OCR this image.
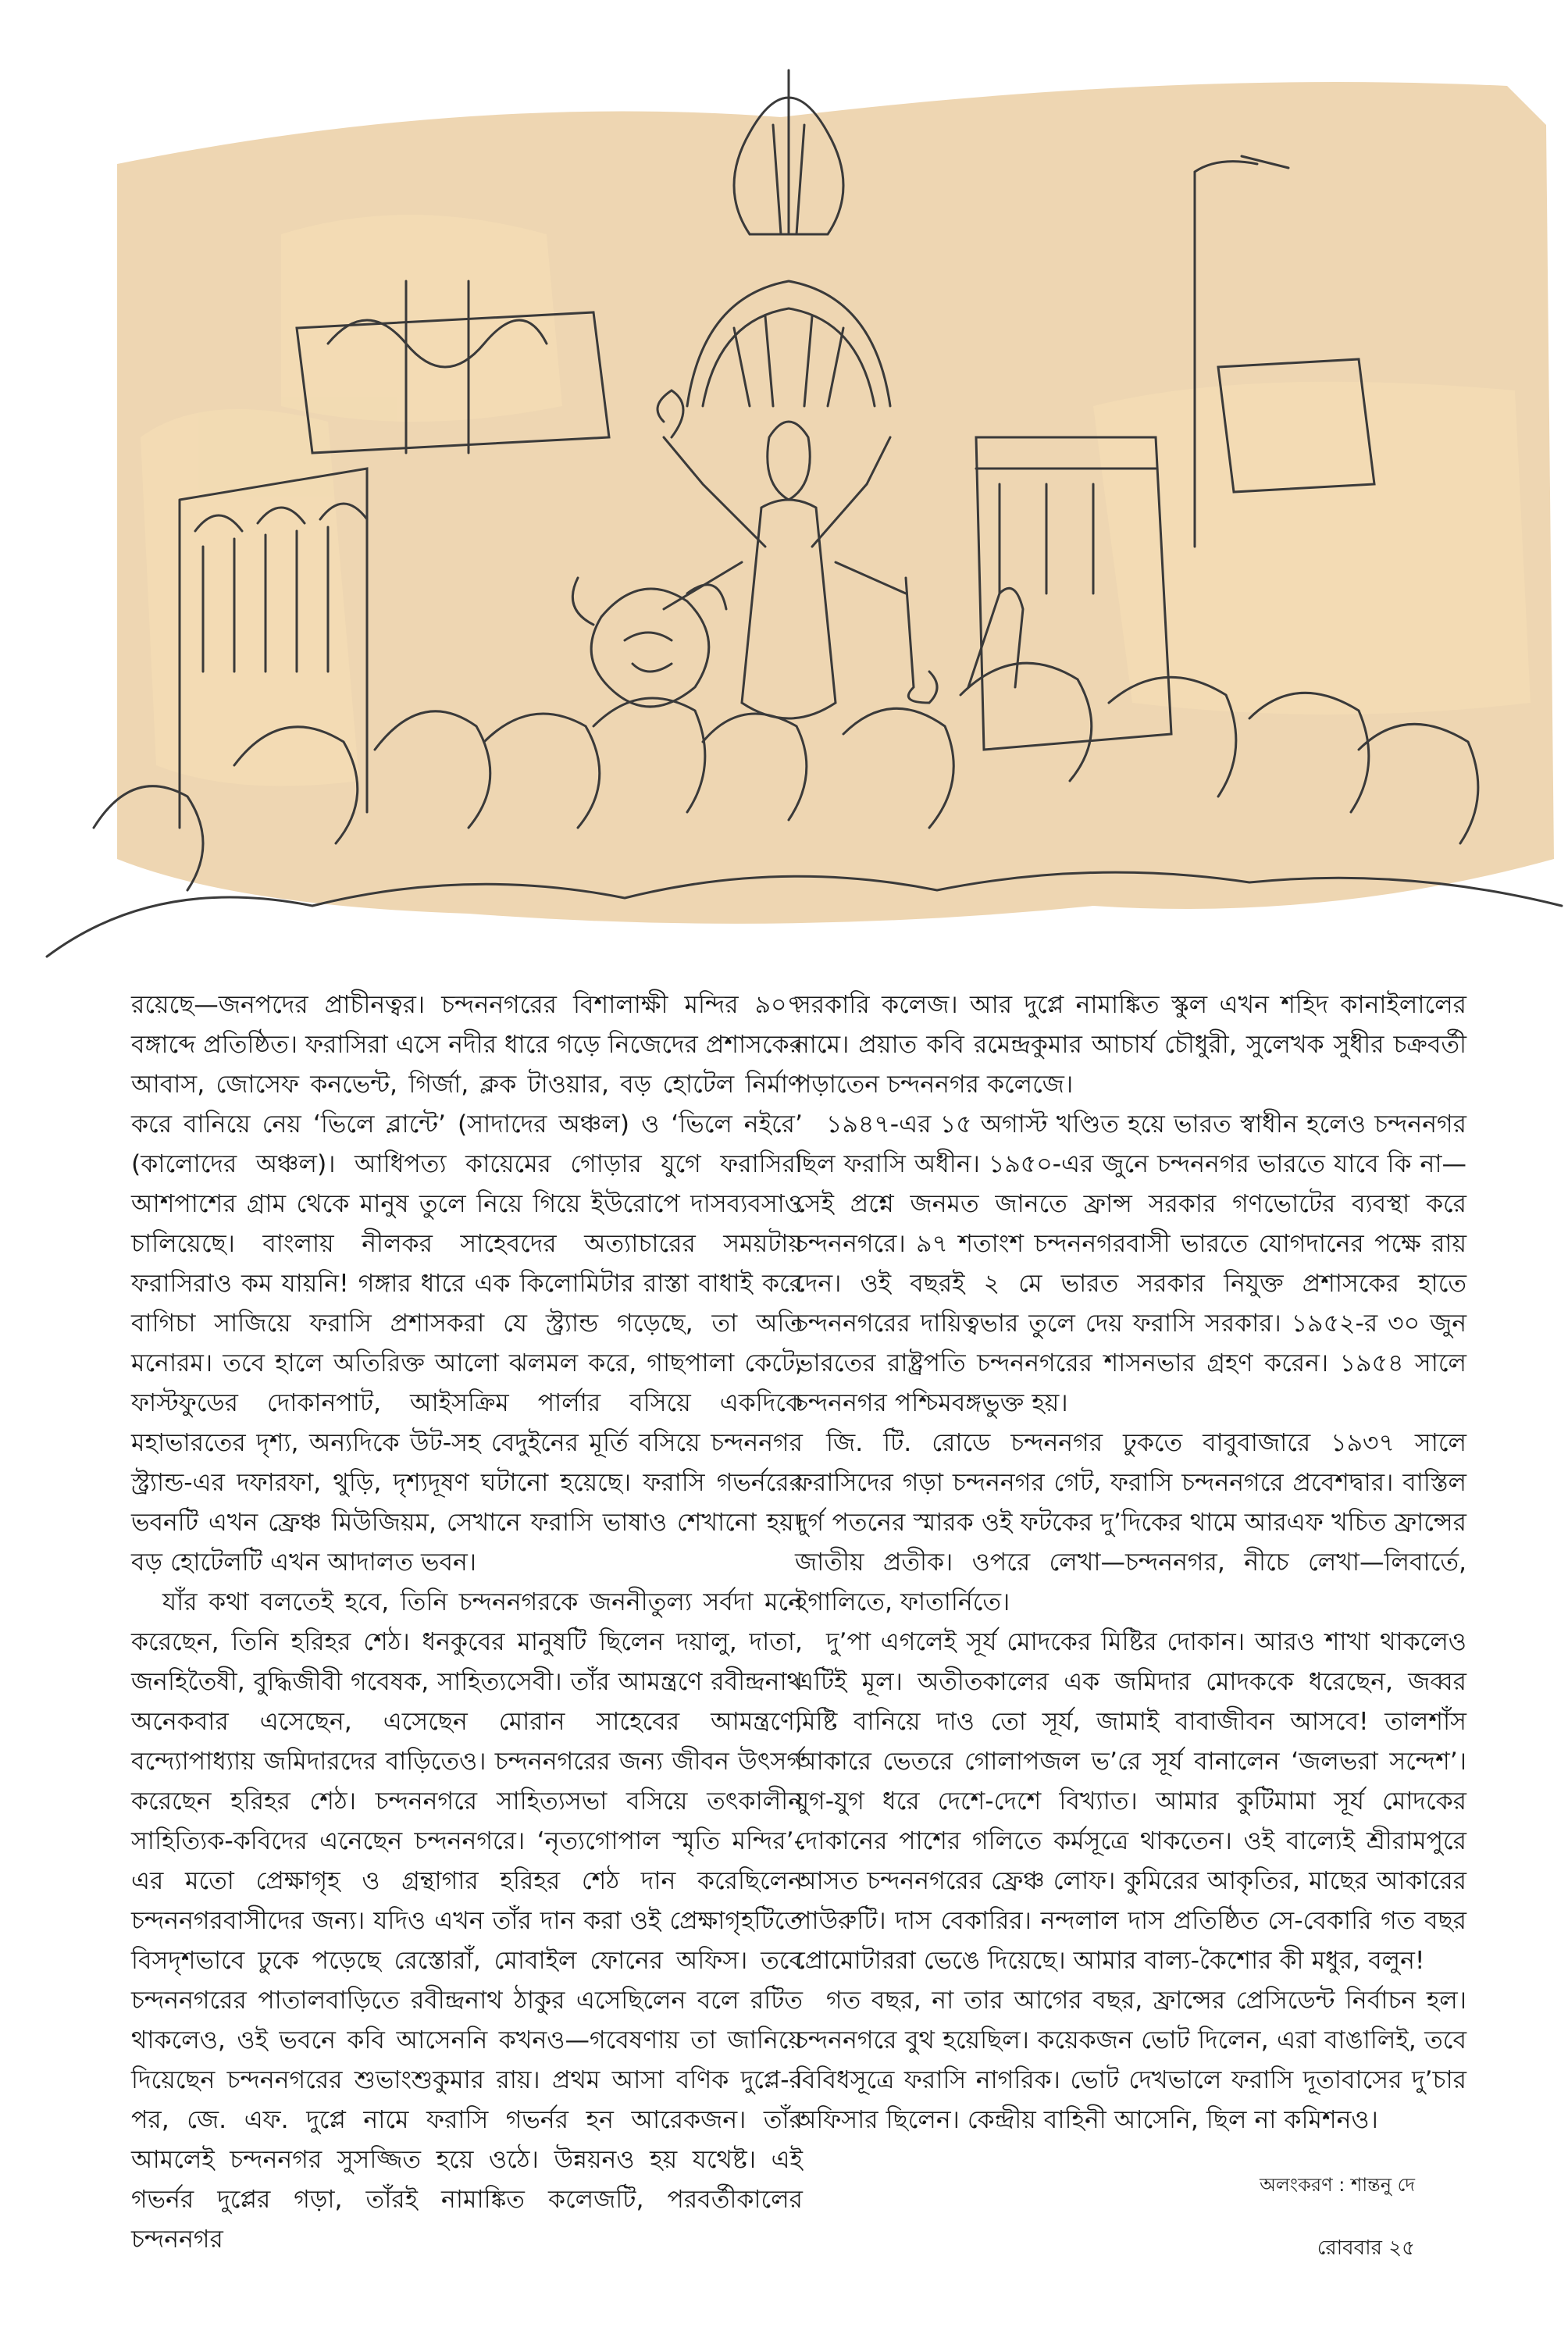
রয়েছে—জনপদের প্রাচীনত্বর। চন্দননগরের বিশালাক্ষী মন্দির ৯০৭ বঙ্গাব্দে প্রতিষ্ঠিত। ফরাসিরা এসে নদীর ধারে গড়ে নিজেদের প্রশাসকের আবাস, জোসেফ কনভেন্ট, গির্জা, ক্লক টাওয়ার, বড় হোটেল নির্মাণ করে বানিয়ে নেয় ‘ভিলে ব্লান্টে’ (সাদাদের অঞ্চল) ও ‘ভিলে নইরে’ (কালোদের অঞ্চল)। আধিপত্য কায়েমের গোড়ার যুগে ফরাসিরা আশপাশের গ্রাম থেকে মানুষ তুলে নিয়ে গিয়ে ইউরোপে দাসব্যবসাও চালিয়েছে। বাংলায় নীলকর সাহেবদের অত্যাচারের সময়টায় ফরাসিরাও কম যায়নি! গঙ্গার ধারে এক কিলোমিটার রাস্তা বাধাই করে বাগিচা সাজিয়ে ফরাসি প্রশাসকরা যে স্ট্র্যান্ড গড়েছে, তা অতি মনোরম। তবে হালে অতিরিক্ত আলো ঝলমল করে, গাছপালা কেটে, ফাস্টফুডের দোকানপাট, আইসক্রিম পার্লার বসিয়ে একদিকে মহাভারতের দৃশ্য, অন্যদিকে উট-সহ বেদুইনের মূর্তি বসিয়ে চন্দননগর স্ট্র্যান্ড-এর দফারফা, থুড়ি, দৃশ্যদূষণ ঘটানো হয়েছে। ফরাসি গভর্নরের ভবনটি এখন ফ্রেঞ্চ মিউজিয়ম, সেখানে ফরাসি ভাষাও শেখানো হয়। বড় হোটেলটি এখন আদালত ভবন।

যাঁর কথা বলতেই হবে, তিনি চন্দননগরকে জননীতুল্য সর্বদা মনে করেছেন, তিনি হরিহর শেঠ। ধনকুবের মানুষটি ছিলেন দয়ালু, দাতা, জনহিতৈষী, বুদ্ধিজীবী গবেষক, সাহিত্যসেবী। তাঁর আমন্ত্রণে রবীন্দ্রনাথ অনেকবার এসেছেন, এসেছেন মোরান সাহেবের আমন্ত্রণে, বন্দ্যোপাধ্যায় জমিদারদের বাড়িতেও। চন্দননগরের জন্য জীবন উৎসর্গ করেছেন হরিহর শেঠ। চন্দননগরে সাহিত্যসভা বসিয়ে তৎকালীন সাহিত্যিক-কবিদের এনেছেন চন্দননগরে। ‘নৃত্যগোপাল স্মৃতি মন্দির’-এর মতো প্রেক্ষাগৃহ ও গ্রন্থাগার হরিহর শেঠ দান করেছিলেন চন্দননগরবাসীদের জন্য। যদিও এখন তাঁর দান করা ওই প্রেক্ষাগৃহটিতে বিসদৃশভাবে ঢুকে পড়েছে রেস্তোরাঁ, মোবাইল ফোনের অফিস। তবে চন্দননগরের পাতালবাড়িতে রবীন্দ্রনাথ ঠাকুর এসেছিলেন বলে রটিত থাকলেও, ওই ভবনে কবি আসেননি কখনও—গবেষণায় তা জানিয়ে দিয়েছেন চন্দননগরের শুভাংশুকুমার রায়। প্রথম আসা বণিক দুপ্লে-র পর, জে. এফ. দুপ্লে নামে ফরাসি গভর্নর হন আরেকজন। তাঁর আমলেই চন্দননগর সুসজ্জিত হয়ে ওঠে। উন্নয়নও হয় যথেষ্ট। এই গভর্নর দুপ্লের গড়া, তাঁরই নামাঙ্কিত কলেজটি, পরবর্তীকালের চন্দননগর

সরকারি কলেজ। আর দুপ্লে নামাঙ্কিত স্কুল এখন শহিদ কানাইলালের নামে। প্রয়াত কবি রমেন্দ্রকুমার আচার্য চৌধুরী, সুলেখক সুধীর চক্রবর্তী পড়াতেন চন্দননগর কলেজে।

১৯৪৭-এর ১৫ অগাস্ট খণ্ডিত হয়ে ভারত স্বাধীন হলেও চন্দননগর ছিল ফরাসি অধীন। ১৯৫০-এর জুনে চন্দননগর ভারতে যাবে কি না—সেই প্রশ্নে জনমত জানতে ফ্রান্স সরকার গণভোটের ব্যবস্থা করে চন্দননগরে। ৯৭ শতাংশ চন্দননগরবাসী ভারতে যোগদানের পক্ষে রায় দেন। ওই বছরই ২ মে ভারত সরকার নিযুক্ত প্রশাসকের হাতে চন্দননগরের দায়িত্বভার তুলে দেয় ফরাসি সরকার। ১৯৫২-র ৩০ জুন ভারতের রাষ্ট্রপতি চন্দননগরের শাসনভার গ্রহণ করেন। ১৯৫৪ সালে চন্দননগর পশ্চিমবঙ্গভুক্ত হয়।

জি. টি. রোডে চন্দননগর ঢুকতে বাবুবাজারে ১৯৩৭ সালে ফরাসিদের গড়া চন্দননগর গেট, ফরাসি চন্দননগরে প্রবেশদ্বার। বাস্তিল দুর্গ পতনের স্মারক ওই ফটকের দু’দিকের থামে আরএফ খচিত ফ্রান্সের জাতীয় প্রতীক। ওপরে লেখা—চন্দননগর, নীচে লেখা—লিবার্তে, ইগালিতে, ফাতার্নিতে।

দু’পা এগলেই সূর্য মোদকের মিষ্টির দোকান। আরও শাখা থাকলেও এটিই মূল। অতীতকালের এক জমিদার মোদককে ধরেছেন, জব্বর মিষ্টি বানিয়ে দাও তো সূর্য, জামাই বাবাজীবন আসবে! তালশাঁস আকারে ভেতরে গোলাপজল ভ’রে সূর্য বানালেন ‘জলভরা সন্দেশ’। যুগ-যুগ ধরে দেশে-দেশে বিখ্যাত। আমার কুটিমামা সূর্য মোদকের দোকানের পাশের গলিতে কর্মসূত্রে থাকতেন। ওই বাল্যেই শ্রীরামপুরে আসত চন্দননগরের ফ্রেঞ্চ লোফ। কুমিরের আকৃতির, মাছের আকারের পাউরুটি। দাস বেকারির। নন্দলাল দাস প্রতিষ্ঠিত সে-বেকারি গত বছর প্রোমোটাররা ভেঙে দিয়েছে। আমার বাল্য-কৈশোর কী মধুর, বলুন!

গত বছর, না তার আগের বছর, ফ্রান্সের প্রেসিডেন্ট নির্বাচন হল। চন্দননগরে বুথ হয়েছিল। কয়েকজন ভোট দিলেন, এরা বাঙালিই, তবে বিবিধসূত্রে ফরাসি নাগরিক। ভোট দেখভালে ফরাসি দূতাবাসের দু’চার অফিসার ছিলেন। কেন্দ্রীয় বাহিনী আসেনি, ছিল না কমিশনও।

অলংকরণ : শান্তনু দে
রোববার ২৫
